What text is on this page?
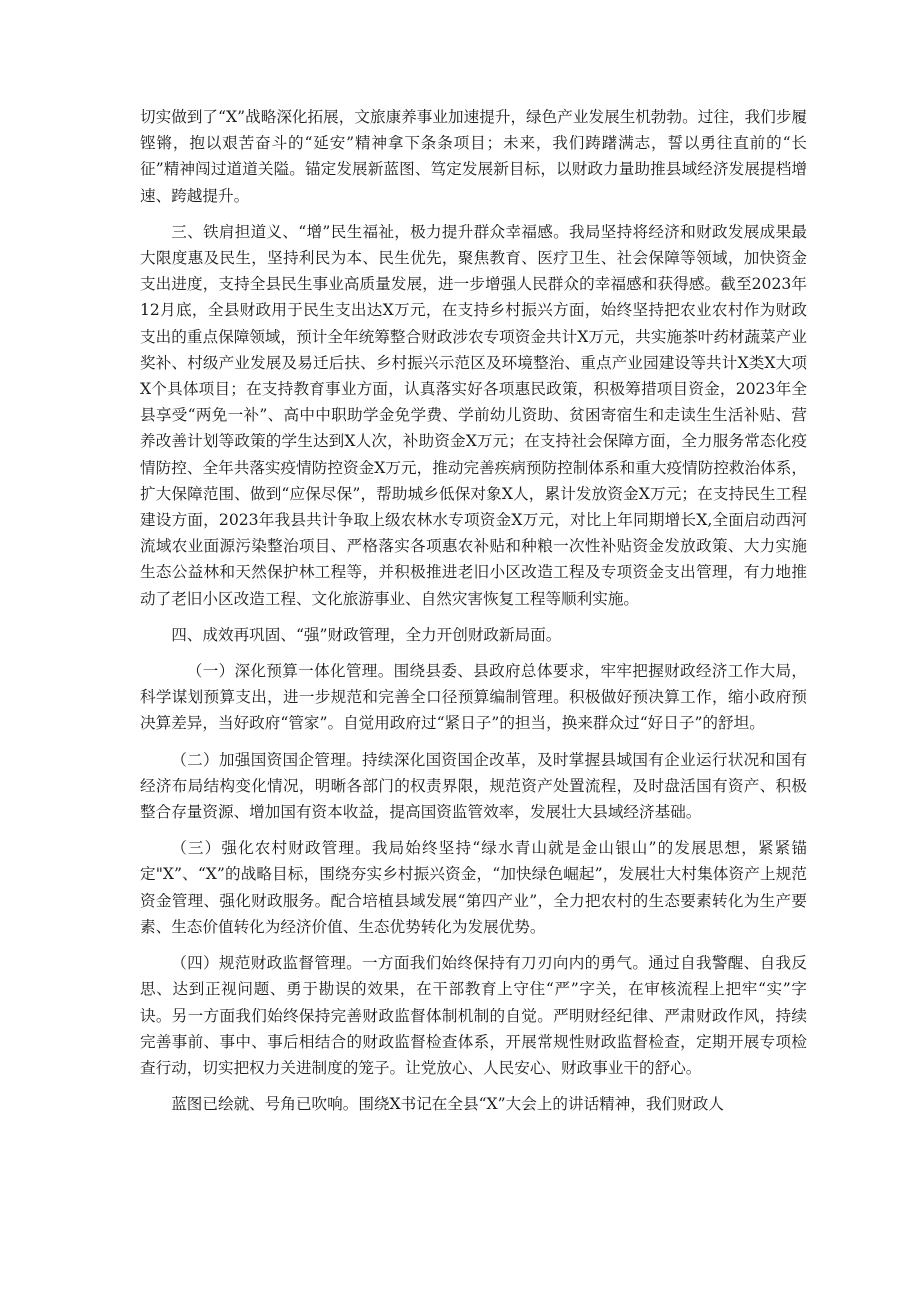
切实做到了“X”战略深化拓展，文旅康养事业加速提升，绿色产业发展生机勃勃。过往，我们步履铿锵，抱以艰苦奋斗的“延安”精神拿下条条项目；未来，我们踌躇满志，誓以勇往直前的“长征”精神闯过道道关隘。锚定发展新蓝图、笃定发展新目标，以财政力量助推县域经济发展提档增速、跨越提升。

三、铁肩担道义、“增”民生福祉，极力提升群众幸福感。我局坚持将经济和财政发展成果最大限度惠及民生，坚持利民为本、民生优先，聚焦教育、医疗卫生、社会保障等领域，加快资金支出进度，支持全县民生事业高质量发展，进一步增强人民群众的幸福感和获得感。截至2023年12月底，全县财政用于民生支出达X万元，在支持乡村振兴方面，始终坚持把农业农村作为财政支出的重点保障领域，预计全年统筹整合财政涉农专项资金共计X万元，共实施茶叶药材蔬菜产业奖补、村级产业发展及易迁后扶、乡村振兴示范区及环境整治、重点产业园建设等共计X类X大项X个具体项目；在支持教育事业方面，认真落实好各项惠民政策，积极筹措项目资金，2023年全县享受“两免一补”、高中中职助学金免学费、学前幼儿资助、贫困寄宿生和走读生生活补贴、营养改善计划等政策的学生达到X人次，补助资金X万元；在支持社会保障方面，全力服务常态化疫情防控、全年共落实疫情防控资金X万元，推动完善疾病预防控制体系和重大疫情防控救治体系，扩大保障范围、做到“应保尽保”，帮助城乡低保对象X人，累计发放资金X万元；在支持民生工程建设方面，2023年我县共计争取上级农林水专项资金X万元，对比上年同期增长X,全面启动西河流域农业面源污染整治项目、严格落实各项惠农补贴和种粮一次性补贴资金发放政策、大力实施生态公益林和天然保护林工程等，并积极推进老旧小区改造工程及专项资金支出管理，有力地推动了老旧小区改造工程、文化旅游事业、自然灾害恢复工程等顺利实施。

四、成效再巩固、“强”财政管理，全力开创财政新局面。

（一）深化预算一体化管理。围绕县委、县政府总体要求，牢牢把握财政经济工作大局，科学谋划预算支出，进一步规范和完善全口径预算编制管理。积极做好预决算工作，缩小政府预决算差异，当好政府“管家”。自觉用政府过“紧日子”的担当，换来群众过“好日子”的舒坦。

（二）加强国资国企管理。持续深化国资国企改革，及时掌握县域国有企业运行状况和国有经济布局结构变化情况，明晰各部门的权责界限，规范资产处置流程，及时盘活国有资产、积极整合存量资源、增加国有资本收益，提高国资监管效率，发展壮大县域经济基础。

（三）强化农村财政管理。我局始终坚持“绿水青山就是金山银山”的发展思想，紧紧锚定"X”、“X”的战略目标，围绕夯实乡村振兴资金，“加快绿色崛起”，发展壮大村集体资产上规范资金管理、强化财政服务。配合培植县域发展“第四产业”，全力把农村的生态要素转化为生产要素、生态价值转化为经济价值、生态优势转化为发展优势。

（四）规范财政监督管理。一方面我们始终保持有刀刃向内的勇气。通过自我警醒、自我反思、达到正视问题、勇于勘误的效果，在干部教育上守住“严”字关，在审核流程上把牢“实”字诀。另一方面我们始终保持完善财政监督体制机制的自觉。严明财经纪律、严肃财政作风，持续完善事前、事中、事后相结合的财政监督检查体系，开展常规性财政监督检查，定期开展专项检查行动，切实把权力关进制度的笼子。让党放心、人民安心、财政事业干的舒心。

蓝图已绘就、号角已吹响。围绕X书记在全县“X”大会上的讲话精神，我们财政人
